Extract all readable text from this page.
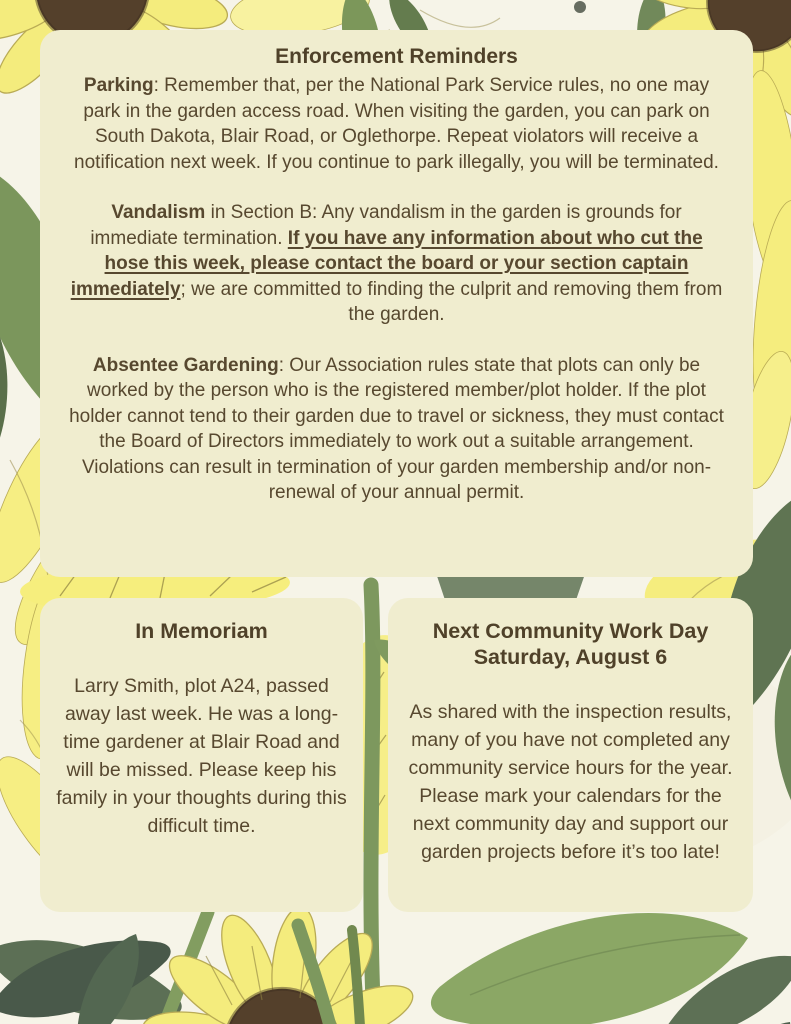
Enforcement Reminders

Parking: Remember that, per the National Park Service rules, no one may park in the garden access road. When visiting the garden, you can park on South Dakota, Blair Road, or Oglethorpe. Repeat violators will receive a notification next week. If you continue to park illegally, you will be terminated.

Vandalism in Section B: Any vandalism in the garden is grounds for immediate termination. If you have any information about who cut the hose this week, please contact the board or your section captain immediately; we are committed to finding the culprit and removing them from the garden.

Absentee Gardening: Our Association rules state that plots can only be worked by the person who is the registered member/plot holder. If the plot holder cannot tend to their garden due to travel or sickness, they must contact the Board of Directors immediately to work out a suitable arrangement. Violations can result in termination of your garden membership and/or non-renewal of your annual permit.

In Memoriam

Larry Smith, plot A24, passed away last week. He was a long-time gardener at Blair Road and will be missed. Please keep his family in your thoughts during this difficult time.

Next Community Work Day
Saturday, August 6

As shared with the inspection results, many of you have not completed any community service hours for the year. Please mark your calendars for the next community day and support our garden projects before it’s too late!
